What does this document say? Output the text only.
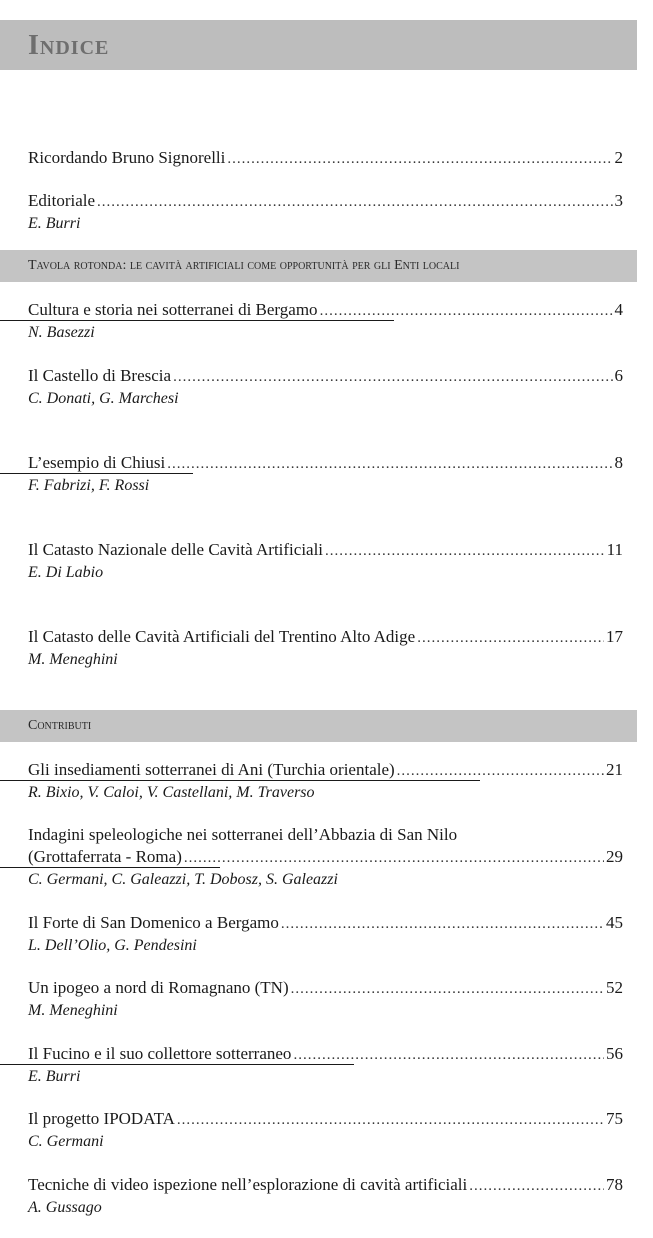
Indice
Ricordando Bruno Signorelli .....	2
Editoriale .....	3
E. Burri
Tavola rotonda: le cavità artificiali come opportunità per gli Enti locali
Cultura e storia nei sotterranei di Bergamo .....	4
N. Basezzi
Il Castello di Brescia .....	6
C. Donati, G. Marchesi
L’esempio di Chiusi .....	8
F. Fabrizi, F. Rossi
Il Catasto Nazionale delle Cavità Artificiali .....	11
E. Di Labio
Il Catasto delle Cavità Artificiali del Trentino Alto Adige .....	17
M. Meneghini
Contributi
Gli insediamenti sotterranei di Ani (Turchia orientale) .....	21
R. Bixio, V. Caloi, V. Castellani, M. Traverso
Indagini speleologiche nei sotterranei dell’Abbazia di San Nilo
(Grottaferrata - Roma) .....	29
C. Germani, C. Galeazzi, T. Dobosz, S. Galeazzi
Il Forte di San Domenico a Bergamo .....	45
L. Dell’Olio, G. Pendesini
Un ipogeo a nord di Romagnano (TN) .....	52
M. Meneghini
Il Fucino e il suo collettore sotterraneo .....	56
E. Burri
Il progetto IPODATA .....	75
C. Germani
Tecniche di video ispezione nell’esplorazione di cavità artificiali .....	78
A. Gussago
